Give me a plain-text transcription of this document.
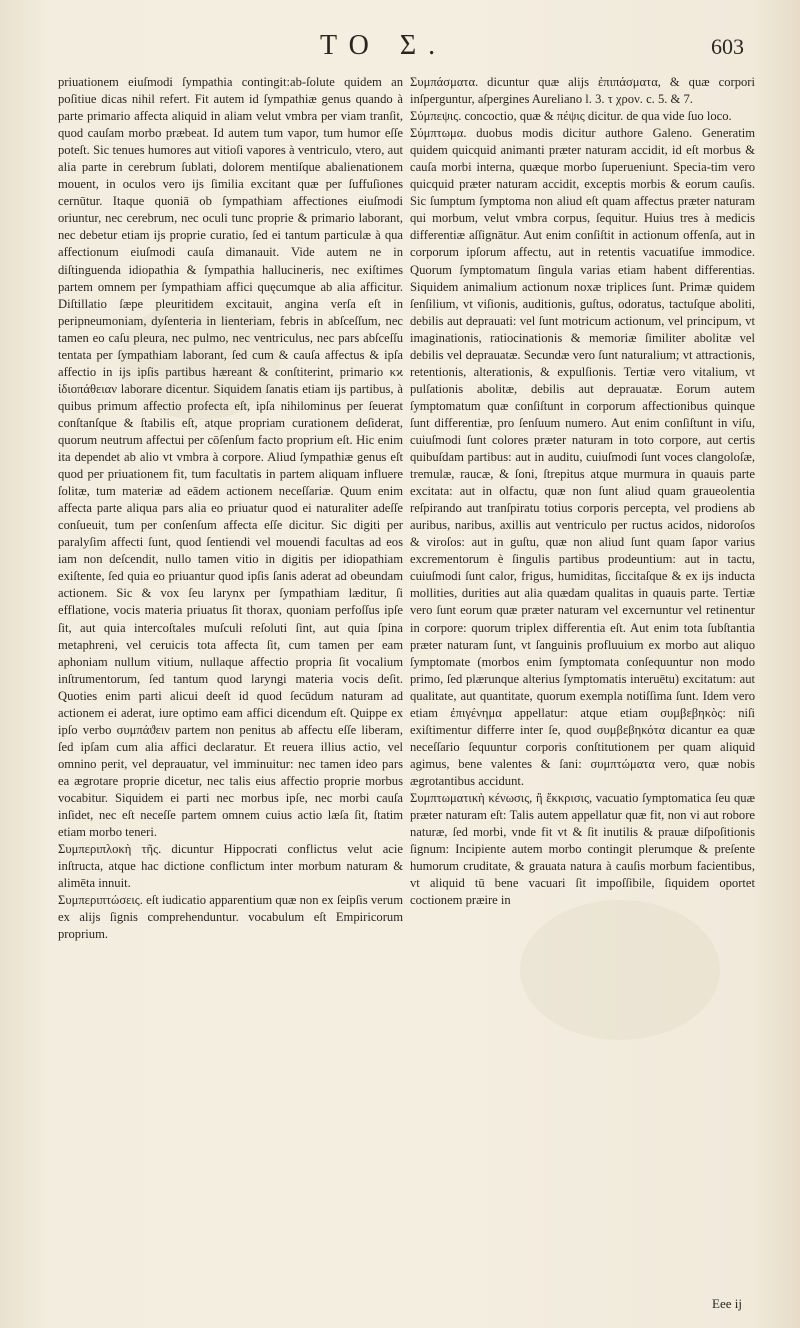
TO Σ.	603

priuationem eiuſmodi ſympathia contingit:ab-ſolute quidem an poſitiue dicas nihil refert. Fit autem id ſympathiæ genus quando à parte primario affecta aliquid in aliam velut vmbra per viam tranſit, quod cauſam morbo præbeat. Id autem tum vapor, tum humor eſſe poteſt. Sic tenues humores aut vitioſi vapores à ventriculo, vtero, aut alia parte in cerebrum ſublati, dolorem mentiſque abalienationem mouent, in oculos vero ijs ſimilia excitant quæ per ſuffuſiones cernūtur. Itaque quoniā ob ſympathiam affectiones eiuſmodi oriuntur, nec cerebrum, nec oculi tunc proprie & primario laborant, nec debetur etiam ijs proprie curatio, ſed ei tantum particulæ à qua affectionum eiuſmodi cauſa dimanauit. Vide autem ne in diſtinguenda idiopathia & ſympathia hallucineris, nec exiſtimes partem omnem per ſympathiam affici quęcumque ab alia afficitur. Diſtillatio ſæpe pleuritidem excitauit, angina verſa eſt in peripneumoniam, dyſenteria in lienteriam, febris in abſceſſum, nec tamen eo caſu pleura, nec pulmo, nec ventriculus, nec pars abſceſſu tentata per ſympathiam laborant, ſed cum & cauſa affectus & ipſa affectio in ijs ipſis partibus hæreant & conſtiterint, primario κϰ ἰδιοπάθειαν laborare dicentur. Siquidem ſanatis etiam ijs partibus, à quibus primum affectio profecta eſt, ipſa nihilominus per ſeuerat conſtanſque & ſtabilis eſt, atque propriam curationem deſiderat, quorum neutrum affectui per cōſenſum facto proprium eſt. Hic enim ita dependet ab alio vt vmbra à corpore. Aliud ſympathiæ genus eſt quod per priuationem fit, tum facultatis in partem aliquam influere ſolitæ, tum materiæ ad eādem actionem neceſſariæ. Quum enim affecta parte aliqua pars alia eo priuatur quod ei naturaliter adeſſe conſueuit, tum per conſenſum affecta eſſe dicitur. Sic digiti per paralyſim affecti ſunt, quod ſentiendi vel mouendi facultas ad eos iam non deſcendit, nullo tamen vitio in digitis per idiopathiam exiſtente, ſed quia eo priuantur quod ipſis ſanis aderat ad obeundam actionem. Sic & vox ſeu larynx per ſympathiam læditur, ſi efflatione, vocis materia priuatus ſit thorax, quoniam perfoſſus ipſe ſit, aut quia intercoſtales muſculi reſoluti ſint, aut quia ſpina metaphreni, vel ceruicis tota affecta ſit, cum tamen per eam aphoniam nullum vitium, nullaque affectio propria ſit vocalium inſtrumentorum, ſed tantum quod laryngi materia vocis deſit. Quoties enim parti alicui deeſt id quod ſecūdum naturam ad actionem ei aderat, iure optimo eam affici dicendum eſt. Quippe ex ipſo verbo συμπάϑειν partem non penitus ab affectu eſſe liberam, ſed ipſam cum alia affici declaratur. Et reuera illius actio, vel omnino perit, vel deprauatur, vel imminuitur: nec tamen ideo pars ea ægrotare proprie dicetur, nec talis eius affectio proprie morbus vocabitur. Siquidem ei parti nec morbus ipſe, nec morbi cauſa inſidet, nec eſt neceſſe partem omnem cuius actio læſa ſit, ſtatim etiam morbo teneri.

Συμπεριπλοκὴ τῆς. dicuntur Hippocrati conflictus velut acie inſtructa, atque hac dictione conflictum inter morbum naturam & alimēta innuit.

Συμπεριπτώσεις. eſt iudicatio apparentium quæ non ex ſeipſis verum ex alijs ſignis comprehenduntur. vocabulum eſt Empiricorum proprium.

Συμπάσματα. dicuntur quæ alijs ἐπιπάσματα, & quæ corpori inſperguntur, aſpergines Aureliano l. 3. τ χρον. c. 5. & 7.

Σύμπεψις. concoctio, quæ & πέψις dicitur. de qua vide ſuo loco.

Σύμπτωμα. duobus modis dicitur authore Galeno. Generatim quidem quicquid animanti præter naturam accidit, id eſt morbus & cauſa morbi interna, quæque morbo ſuperueniunt. Specia-tim vero quicquid præter naturam accidit, exceptis morbis & eorum cauſis. Sic ſumptum ſymptoma non aliud eſt quam affectus præter naturam qui morbum, velut vmbra corpus, ſequitur. Huius tres à medicis differentiæ aſſignātur. Aut enim conſiſtit in actionum offenſa, aut in corporum ipſorum affectu, aut in retentis vacuatiſue immodice. Quorum ſymptomatum ſingula varias etiam habent differentias. Siquidem animalium actionum noxæ triplices ſunt. Primæ quidem ſenſilium, vt viſionis, auditionis, guſtus, odoratus, tactuſque aboliti, debilis aut deprauati: vel ſunt motricum actionum, vel principum, vt imaginationis, ratiocinationis & memoriæ ſimiliter abolitæ vel debilis vel deprauatæ. Secundæ vero ſunt naturalium; vt attractionis, retentionis, alterationis, & expulſionis. Tertiæ vero vitalium, vt pulſationis abolitæ, debilis aut deprauatæ. Eorum autem ſymptomatum quæ conſiſtunt in corporum affectionibus quinque ſunt differentiæ, pro ſenſuum numero. Aut enim conſiſtunt in viſu, cuiuſmodi ſunt colores præter naturam in toto corpore, aut certis quibuſdam partibus: aut in auditu, cuiuſmodi ſunt voces clangoloſæ, tremulæ, raucæ, & ſoni, ſtrepitus atque murmura in quauis parte excitata: aut in olfactu, quæ non ſunt aliud quam graueolentia reſpirando aut tranſpiratu totius corporis percepta, vel prodiens ab auribus, naribus, axillis aut ventriculo per ructus acidos, nidoroſos & viroſos: aut in guſtu, quæ non aliud ſunt quam ſapor varius excrementorum è ſingulis partibus prodeuntium: aut in tactu, cuiuſmodi ſunt calor, frigus, humiditas, ſiccitaſque & ex ijs inducta mollities, durities aut alia quædam qualitas in quauis parte. Tertiæ vero ſunt eorum quæ præter naturam vel excernuntur vel retinentur in corpore: quorum triplex differentia eſt. Aut enim tota ſubſtantia præter naturam ſunt, vt ſanguinis profluuium ex morbo aut aliquo ſymptomate (morbos enim ſymptomata conſequuntur non modo primo, ſed plærunque alterius ſymptomatis interuētu) excitatum: aut qualitate, aut quantitate, quorum exempla notiſſima ſunt. Idem vero etiam ἐπιγένημα appellatur: atque etiam συμβεβηκὸς: niſi exiſtimentur differre inter ſe, quod συμβεβηκότα dicantur ea quæ neceſſario ſequuntur corporis conſtitutionem per quam aliquid agimus, bene valentes & ſani: συμπτώματα vero, quæ nobis ægrotantibus accidunt.

Συμπτωματικὴ κένωσις, ἢ ἔκκρισις, vacuatio ſymptomatica ſeu quæ præter naturam eſt: Talis autem appellatur quæ fit, non vi aut robore naturæ, ſed morbi, vnde fit vt & ſit inutilis & prauæ diſpoſitionis ſignum: Incipiente autem morbo contingit plerumque & preſente humorum cruditate, & grauata natura à cauſis morbum facientibus, vt aliquid tū bene vacuari ſit impoſſibile, ſiquidem oportet coctionem præire in

Eee ij
